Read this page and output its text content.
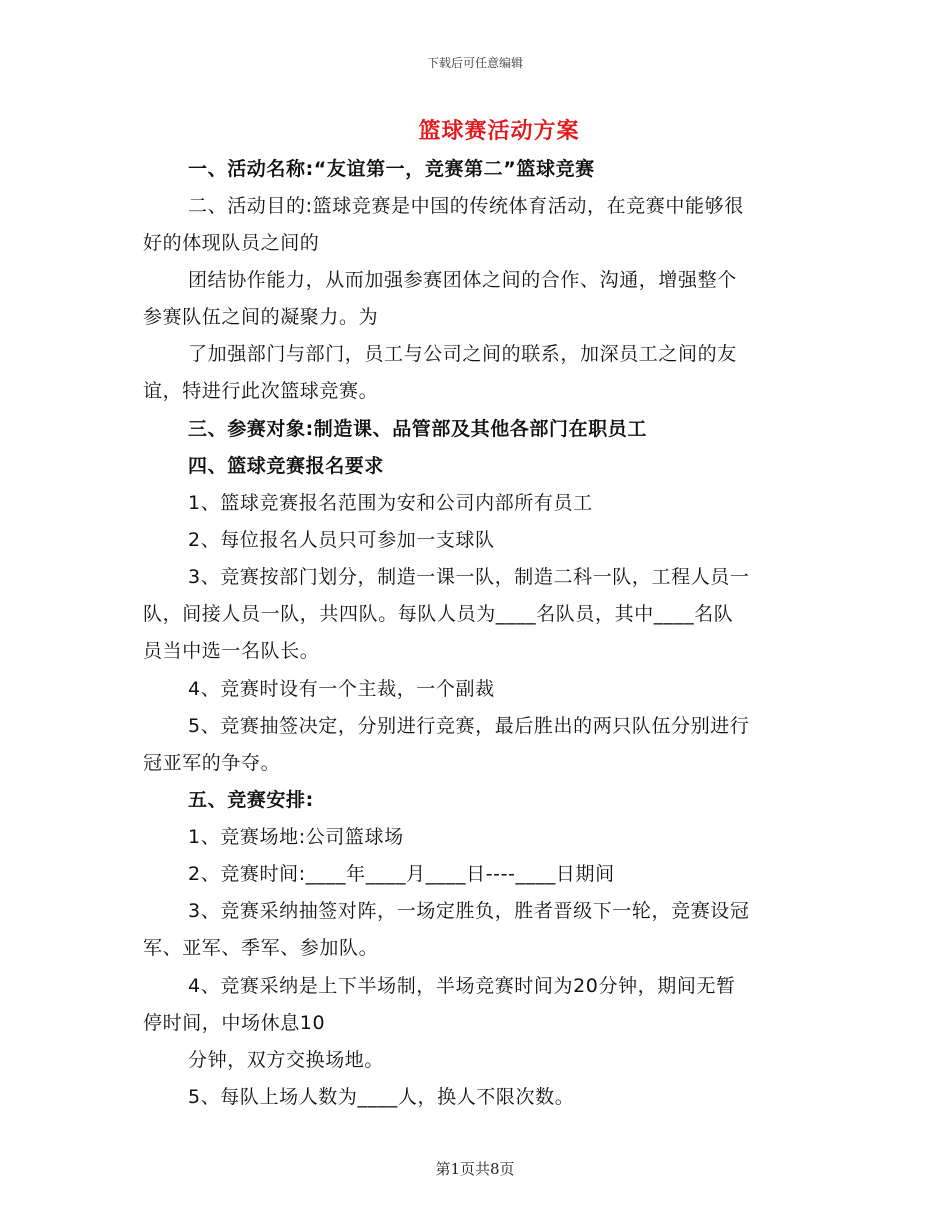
下载后可任意编辑
篮球赛活动方案
一、活动名称:“友谊第一，竞赛第二”篮球竞赛
二、活动目的:篮球竞赛是中国的传统体育活动，在竞赛中能够很
好的体现队员之间的
团结协作能力，从而加强参赛团体之间的合作、沟通，增强整个
参赛队伍之间的凝聚力。为
了加强部门与部门，员工与公司之间的联系，加深员工之间的友
谊，特进行此次篮球竞赛。
三、参赛对象:制造课、品管部及其他各部门在职员工
四、篮球竞赛报名要求
1、篮球竞赛报名范围为安和公司内部所有员工
2、每位报名人员只可参加一支球队
3、竞赛按部门划分，制造一课一队，制造二科一队，工程人员一
队，间接人员一队，共四队。每队人员为____名队员，其中____名队
员当中选一名队长。
4、竞赛时设有一个主裁，一个副裁
5、竞赛抽签决定，分别进行竞赛，最后胜出的两只队伍分别进行
冠亚军的争夺。
五、竞赛安排:
1、竞赛场地:公司篮球场
2、竞赛时间:____年____月____日----____日期间
3、竞赛采纳抽签对阵，一场定胜负，胜者晋级下一轮，竞赛设冠
军、亚军、季军、参加队。
4、竞赛采纳是上下半场制，半场竞赛时间为20分钟，期间无暂
停时间，中场休息10
分钟，双方交换场地。
5、每队上场人数为____人，换人不限次数。
第1页共8页
